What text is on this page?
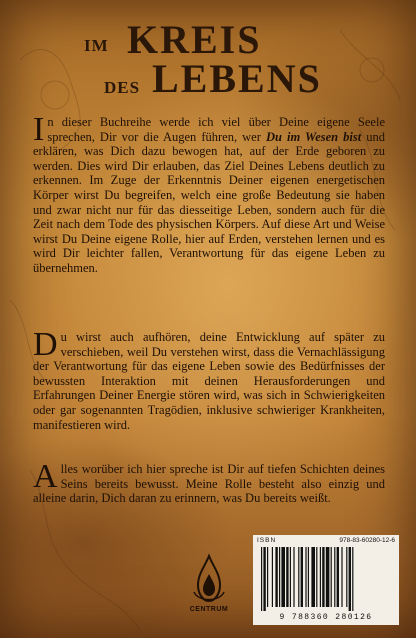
IM KREIS
DES LEBENS
In dieser Buchreihe werde ich viel über Deine eigene Seele sprechen, Dir vor die Augen führen, wer Du im Wesen bist und erklären, was Dich dazu bewogen hat, auf der Erde geboren zu werden. Dies wird Dir erlauben, das Ziel Deines Lebens deutlich zu erkennen. Im Zuge der Erkenntnis Deiner eigenen energetischen Körper wirst Du begreifen, welch eine große Bedeutung sie haben und zwar nicht nur für das diesseitige Leben, sondern auch für die Zeit nach dem Tode des physischen Körpers. Auf diese Art und Weise wirst Du Deine eigene Rolle, hier auf Erden, verstehen lernen und es wird Dir leichter fallen, Verantwortung für das eigene Leben zu übernehmen.
Du wirst auch aufhören, deine Entwicklung auf später zu verschieben, weil Du verstehen wirst, dass die Vernachlässigung der Verantwortung für das eigene Leben sowie des Bedürfnisses der bewussten Interaktion mit deinen Herausforderungen und Erfahrungen Deiner Energie stören wird, was sich in Schwierigkeiten oder gar sogenannten Tragödien, inklusive schwieriger Krankheiten, manifestieren wird.
Alles worüber ich hier spreche ist Dir auf tiefen Schichten deines Seins bereits bewusst. Meine Rolle besteht also einzig und alleine darin, Dich daran zu erinnern, was Du bereits weißt.
CENTRUM
ISBN	978-83-60280-12-6
9 788360 280126
